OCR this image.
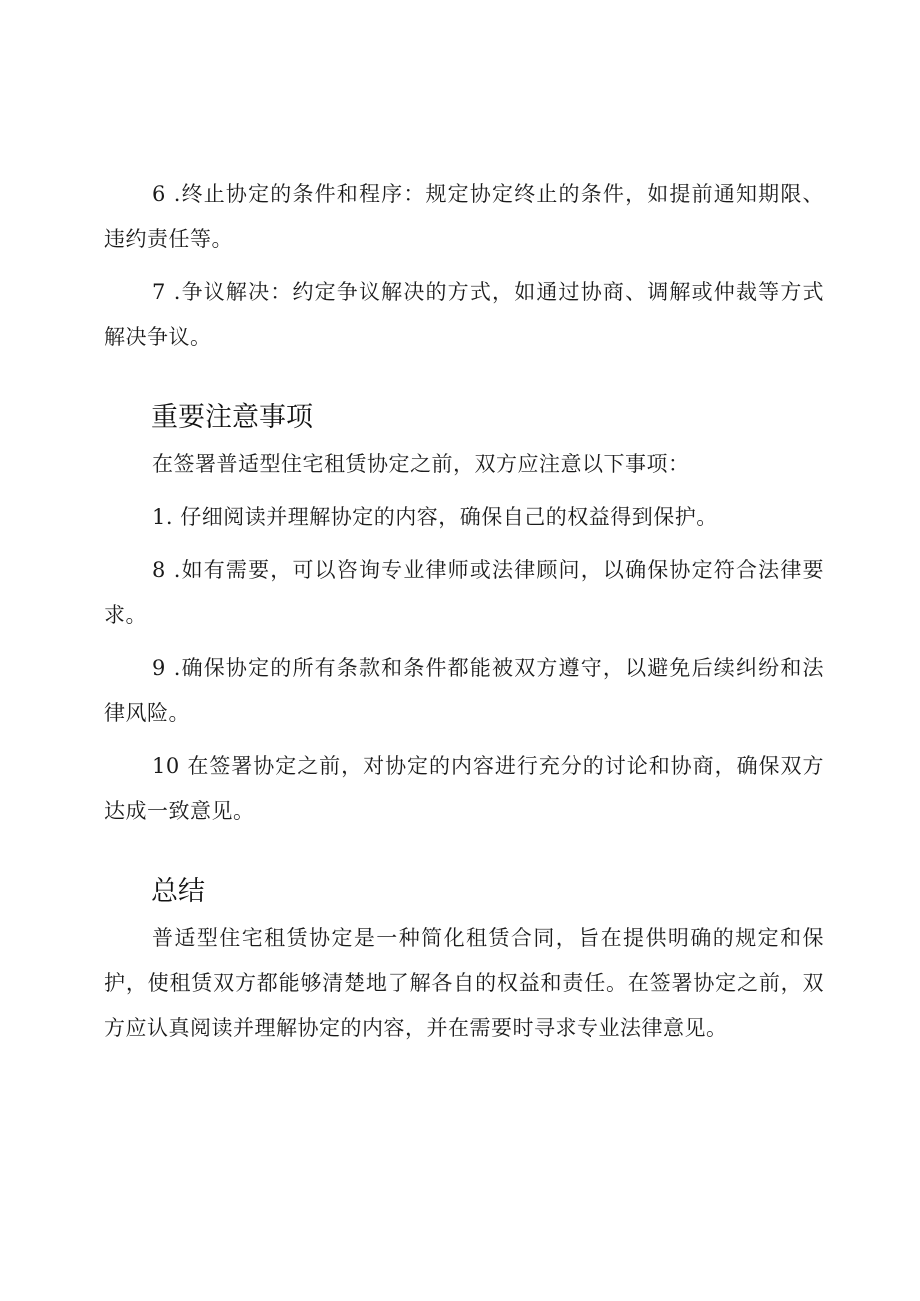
6 .终止协定的条件和程序：规定协定终止的条件，如提前通知期限、违约责任等。

7 .争议解决：约定争议解决的方式，如通过协商、调解或仲裁等方式解决争议。

重要注意事项

在签署普适型住宅租赁协定之前，双方应注意以下事项：

1. 仔细阅读并理解协定的内容，确保自己的权益得到保护。

8 .如有需要，可以咨询专业律师或法律顾问，以确保协定符合法律要求。

9 .确保协定的所有条款和条件都能被双方遵守，以避免后续纠纷和法律风险。

10 在签署协定之前，对协定的内容进行充分的讨论和协商，确保双方达成一致意见。

总结

普适型住宅租赁协定是一种简化租赁合同，旨在提供明确的规定和保护，使租赁双方都能够清楚地了解各自的权益和责任。在签署协定之前，双方应认真阅读并理解协定的内容，并在需要时寻求专业法律意见。
